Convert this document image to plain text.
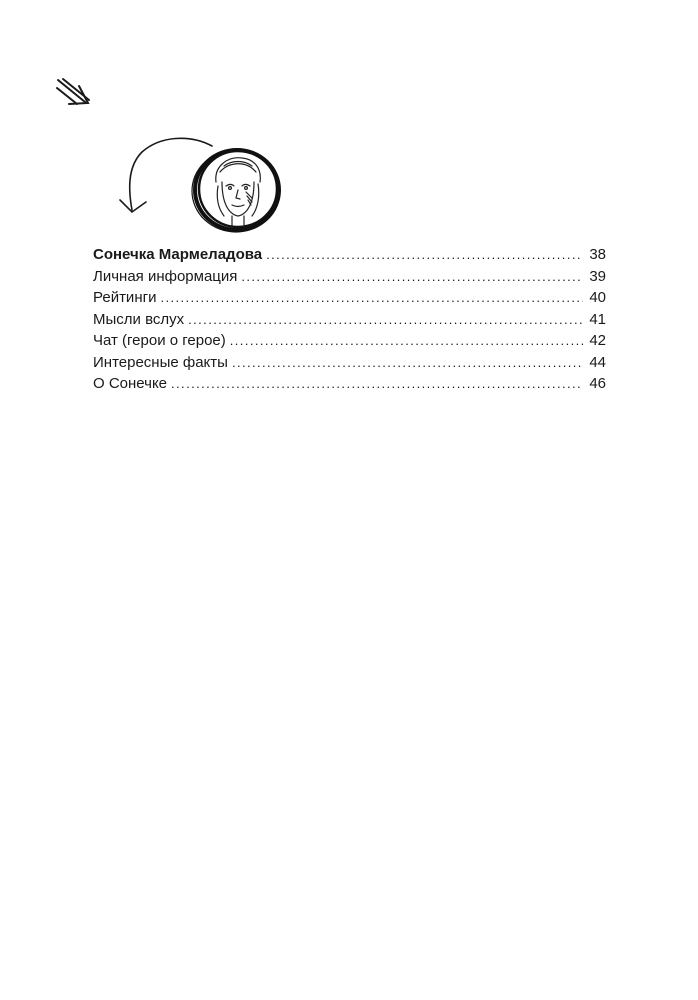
Сонечка Мармеладова .....	38
Личная информация .....	39
Рейтинги .....	40
Мысли вслух .....	41
Чат (герои о герое) .....	42
Интересные факты .....	44
О Сонечке .....	46
